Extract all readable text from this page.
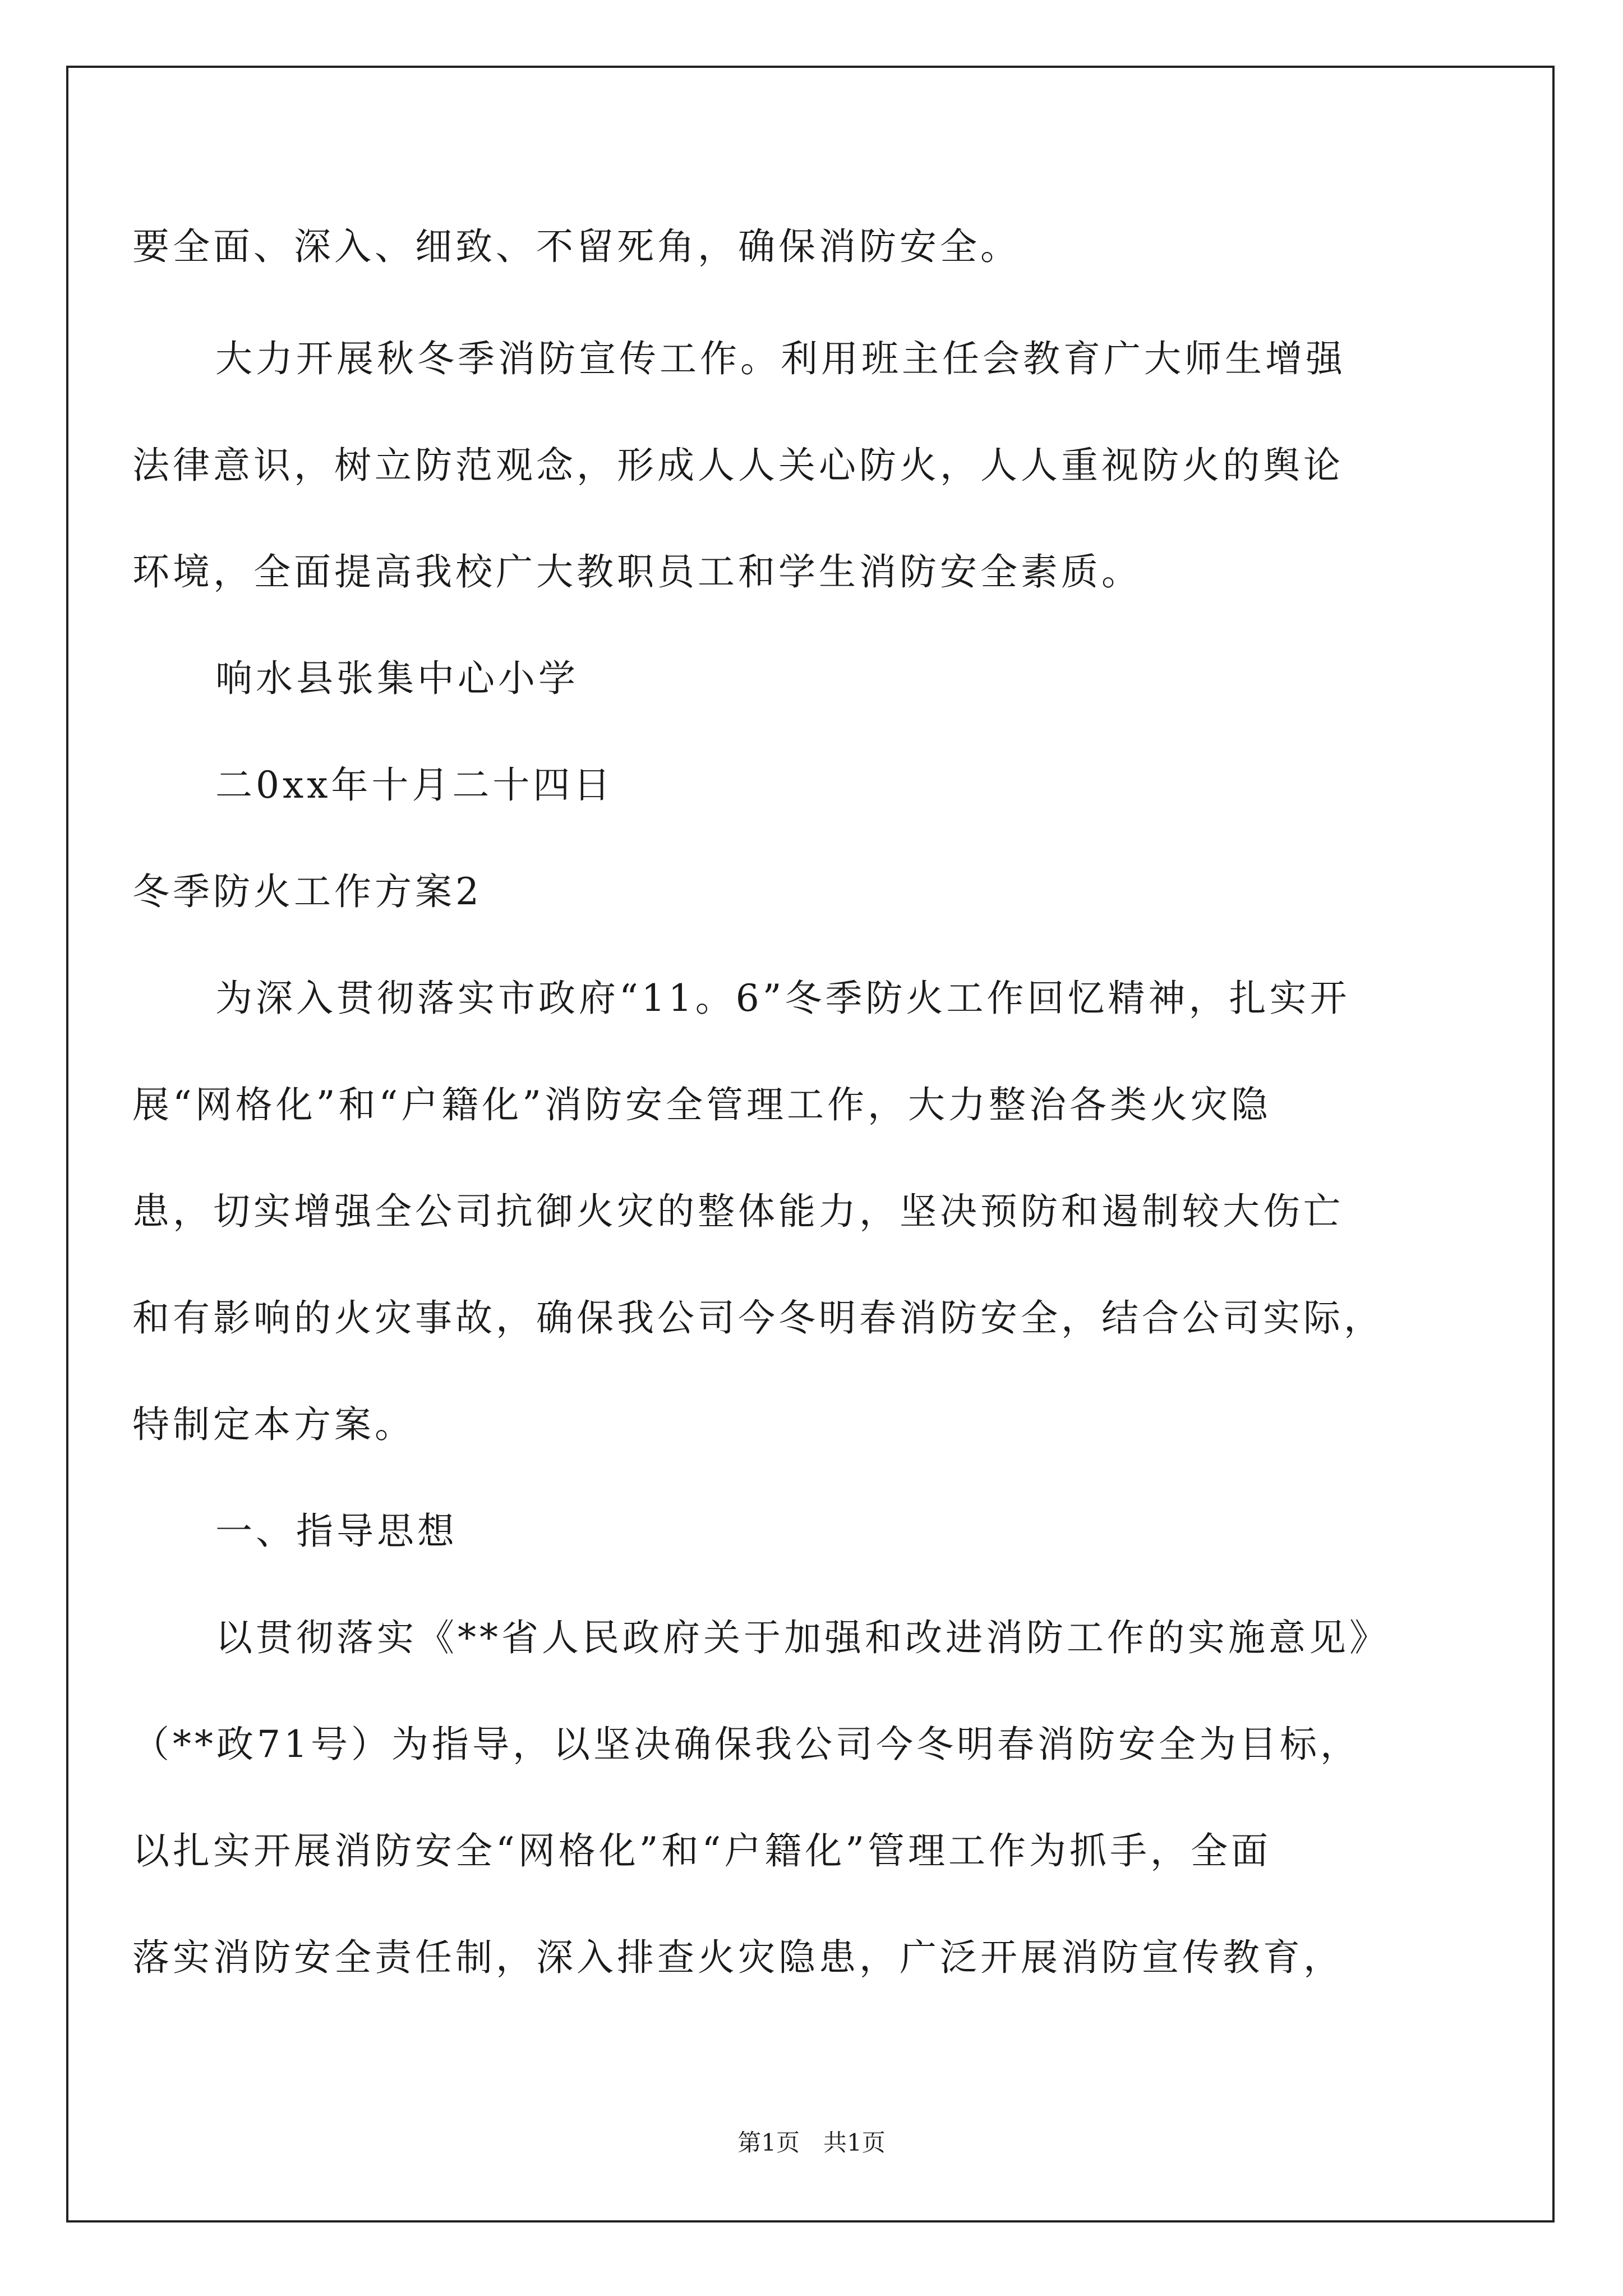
要全面、深入、细致、不留死角，确保消防安全。
大力开展秋冬季消防宣传工作。利用班主任会教育广大师生增强
法律意识，树立防范观念，形成人人关心防火，人人重视防火的舆论
环境，全面提高我校广大教职员工和学生消防安全素质。
响水县张集中心小学
二0xx年十月二十四日
冬季防火工作方案2
为深入贯彻落实市政府“11。6”冬季防火工作回忆精神，扎实开
展“网格化”和“户籍化”消防安全管理工作，大力整治各类火灾隐
患，切实增强全公司抗御火灾的整体能力，坚决预防和遏制较大伤亡
和有影响的火灾事故，确保我公司今冬明春消防安全，结合公司实际，
特制定本方案。
一、指导思想
以贯彻落实《**省人民政府关于加强和改进消防工作的实施意见》
（**政71号）为指导，以坚决确保我公司今冬明春消防安全为目标，
以扎实开展消防安全“网格化”和“户籍化”管理工作为抓手，全面
落实消防安全责任制，深入排查火灾隐患，广泛开展消防宣传教育，
第1页　共1页
